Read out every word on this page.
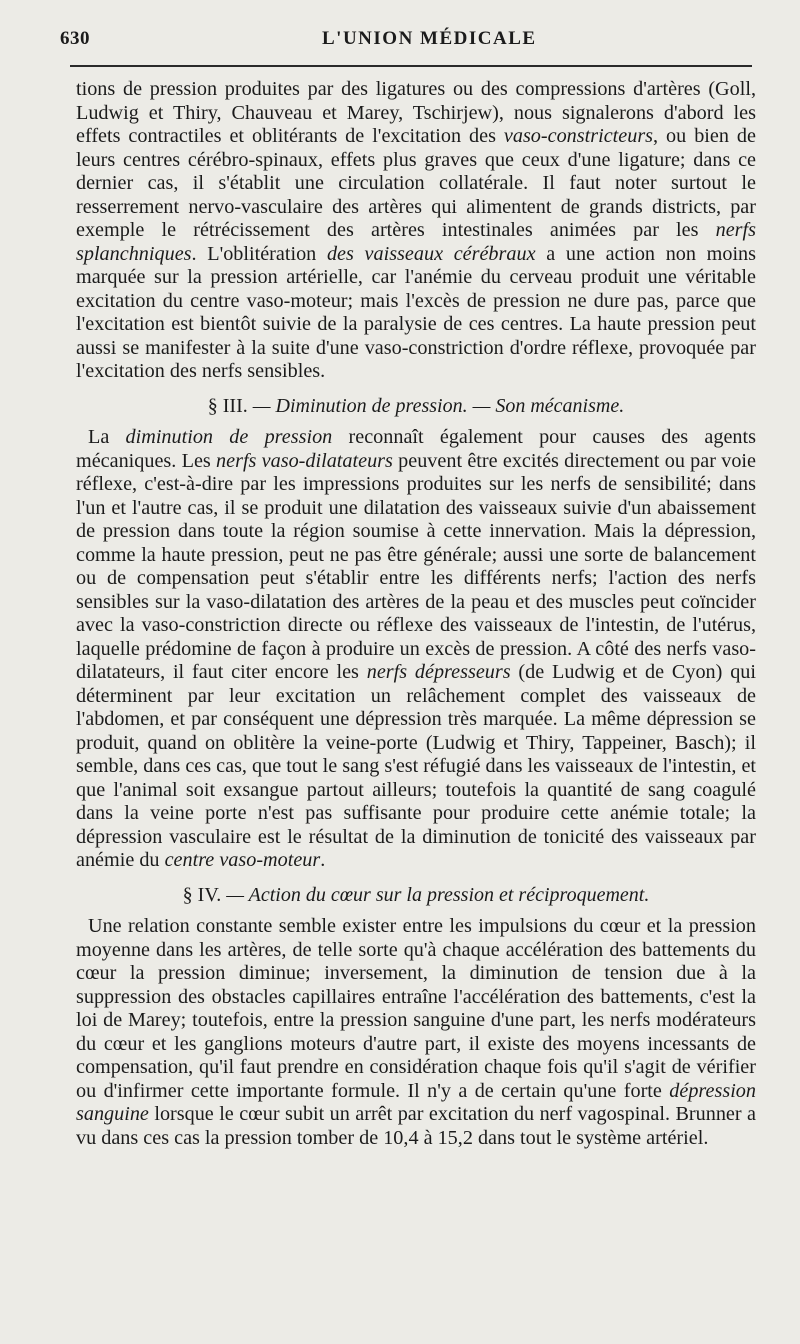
630	L'UNION MÉDICALE

tions de pression produites par des ligatures ou des compressions d'artères (Goll, Ludwig et Thiry, Chauveau et Marey, Tschirjew), nous signalerons d'abord les effets contractiles et oblitérants de l'excitation des vaso-constricteurs, ou bien de leurs centres cérébro-spinaux, effets plus graves que ceux d'une ligature; dans ce dernier cas, il s'établit une circulation collatérale. Il faut noter surtout le resserrement nervo-vasculaire des artères qui alimentent de grands districts, par exemple le rétrécissement des artères intestinales animées par les nerfs splanchniques. L'oblitération des vaisseaux cérébraux a une action non moins marquée sur la pression artérielle, car l'anémie du cerveau produit une véritable excitation du centre vaso-moteur; mais l'excès de pression ne dure pas, parce que l'excitation est bientôt suivie de la paralysie de ces centres. La haute pression peut aussi se manifester à la suite d'une vaso-constriction d'ordre réflexe, provoquée par l'excitation des nerfs sensibles.

§ III. — Diminution de pression. — Son mécanisme.

La diminution de pression reconnaît également pour causes des agents mécaniques. Les nerfs vaso-dilatateurs peuvent être excités directement ou par voie réflexe, c'est-à-dire par les impressions produites sur les nerfs de sensibilité; dans l'un et l'autre cas, il se produit une dilatation des vaisseaux suivie d'un abaissement de pression dans toute la région soumise à cette innervation. Mais la dépression, comme la haute pression, peut ne pas être générale; aussi une sorte de balancement ou de compensation peut s'établir entre les différents nerfs; l'action des nerfs sensibles sur la vaso-dilatation des artères de la peau et des muscles peut coïncider avec la vaso-constriction directe ou réflexe des vaisseaux de l'intestin, de l'utérus, laquelle prédomine de façon à produire un excès de pression. A côté des nerfs vaso-dilatateurs, il faut citer encore les nerfs dépresseurs (de Ludwig et de Cyon) qui déterminent par leur excitation un relâchement complet des vaisseaux de l'abdomen, et par conséquent une dépression très marquée. La même dépression se produit, quand on oblitère la veine-porte (Ludwig et Thiry, Tappeiner, Basch); il semble, dans ces cas, que tout le sang s'est réfugié dans les vaisseaux de l'intestin, et que l'animal soit exsangue partout ailleurs; toutefois la quantité de sang coagulé dans la veine porte n'est pas suffisante pour produire cette anémie totale; la dépression vasculaire est le résultat de la diminution de tonicité des vaisseaux par anémie du centre vaso-moteur.

§ IV. — Action du cœur sur la pression et réciproquement.

Une relation constante semble exister entre les impulsions du cœur et la pression moyenne dans les artères, de telle sorte qu'à chaque accélération des battements du cœur la pression diminue; inversement, la diminution de tension due à la suppression des obstacles capillaires entraîne l'accélération des battements, c'est la loi de Marey; toutefois, entre la pression sanguine d'une part, les nerfs modérateurs du cœur et les ganglions moteurs d'autre part, il existe des moyens incessants de compensation, qu'il faut prendre en considération chaque fois qu'il s'agit de vérifier ou d'infirmer cette importante formule. Il n'y a de certain qu'une forte dépression sanguine lorsque le cœur subit un arrêt par excitation du nerf vagospinal. Brunner a vu dans ces cas la pression tomber de 10,4 à 15,2 dans tout le système artériel.
